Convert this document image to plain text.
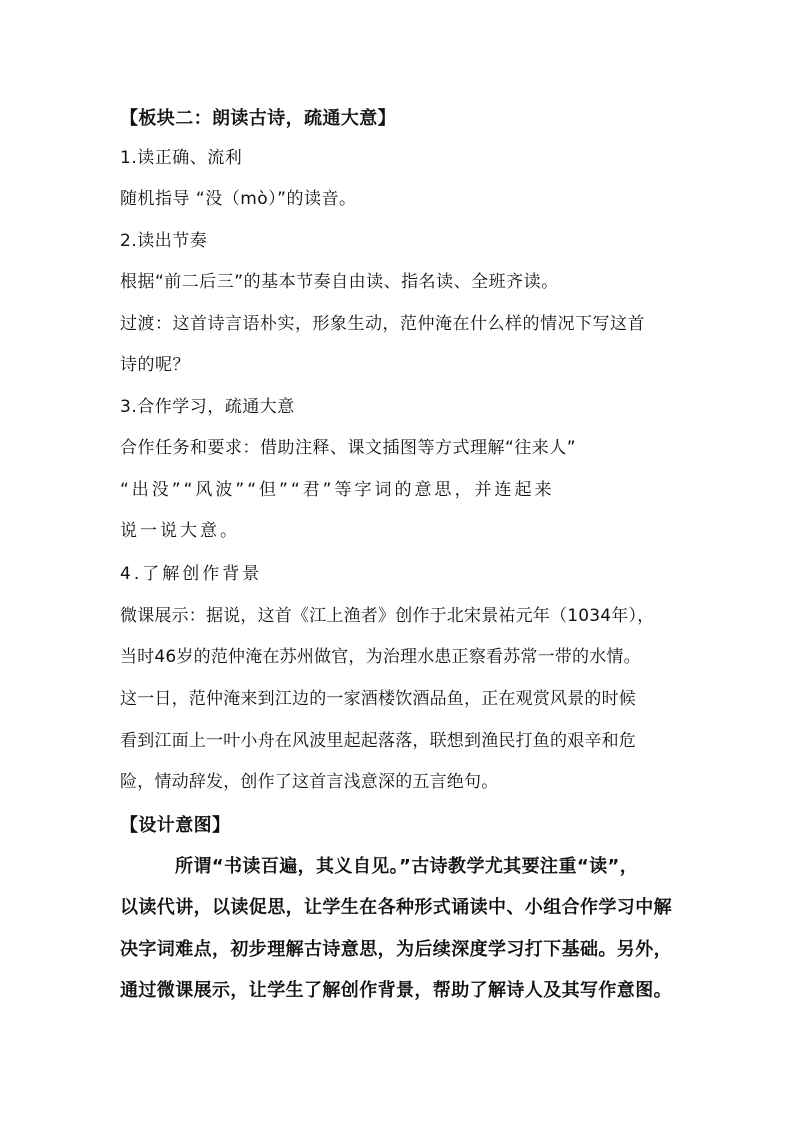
【板块二：朗读古诗，疏通大意】
1.读正确、流利
随机指导 “没（mò）”的读音。
2.读出节奏
根据“前二后三”的基本节奏自由读、指名读、全班齐读。
过渡：这首诗言语朴实，形象生动，范仲淹在什么样的情况下写这首
诗的呢？
3.合作学习，疏通大意
合作任务和要求：借助注释、课文插图等方式理解“往来人”
“出没”“风波”“但”“君”等字词的意思，并连起来
说一说大意。
4.了解创作背景
微课展示：据说，这首《江上渔者》创作于北宋景祐元年（1034年），
当时46岁的范仲淹在苏州做官，为治理水患正察看苏常一带的水情。
这一日，范仲淹来到江边的一家酒楼饮酒品鱼，正在观赏风景的时候
看到江面上一叶小舟在风波里起起落落，联想到渔民打鱼的艰辛和危
险，情动辞发，创作了这首言浅意深的五言绝句。
【设计意图】
所谓“书读百遍，其义自见。”古诗教学尤其要注重“读”，
以读代讲，以读促思，让学生在各种形式诵读中、小组合作学习中解
决字词难点，初步理解古诗意思，为后续深度学习打下基础。另外，
通过微课展示，让学生了解创作背景，帮助了解诗人及其写作意图。
